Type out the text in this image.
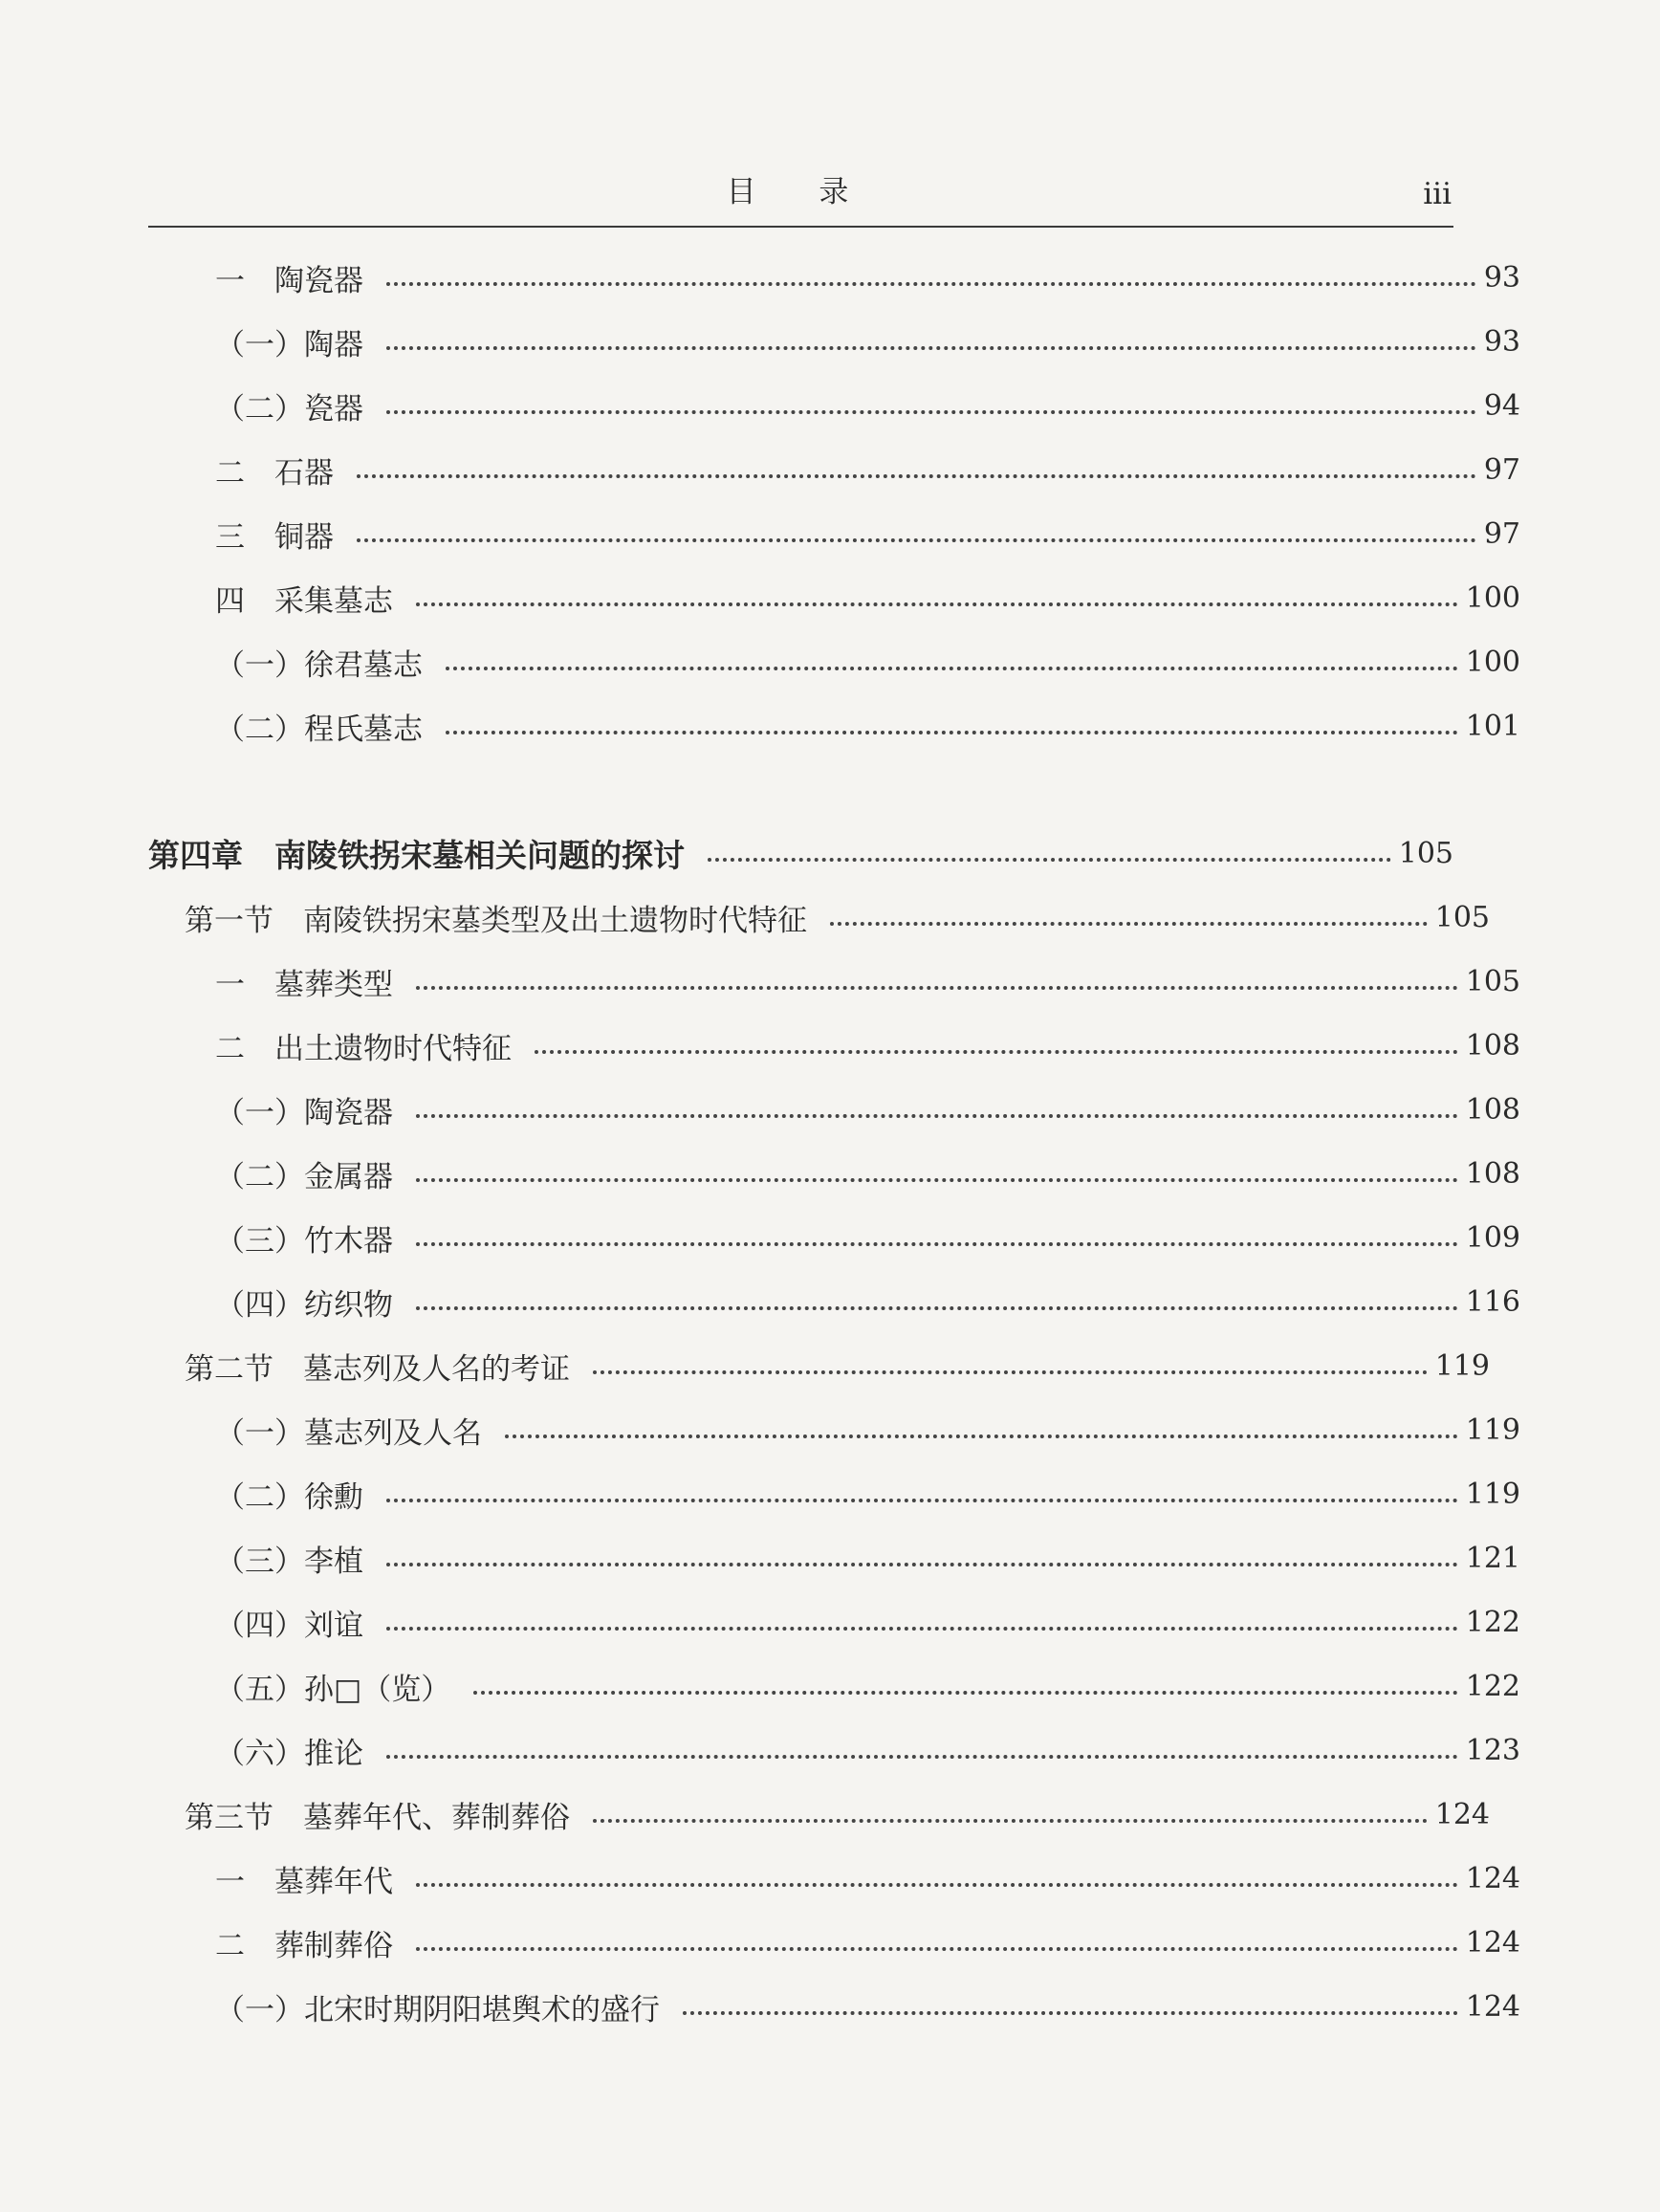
目 录	iii
一　陶瓷器	93
（一）陶器	93
（二）瓷器	94
二　石器	97
三　铜器	97
四　采集墓志	100
（一）徐君墓志	100
（二）程氏墓志	101
第四章　南陵铁拐宋墓相关问题的探讨	105
第一节　南陵铁拐宋墓类型及出土遗物时代特征	105
一　墓葬类型	105
二　出土遗物时代特征	108
（一）陶瓷器	108
（二）金属器	108
（三）竹木器	109
（四）纺织物	116
第二节　墓志列及人名的考证	119
（一）墓志列及人名	119
（二）徐勳	119
（三）李植	121
（四）刘谊	122
（五）孙□（览）	122
（六）推论	123
第三节　墓葬年代、葬制葬俗	124
一　墓葬年代	124
二　葬制葬俗	124
（一）北宋时期阴阳堪舆术的盛行	124
